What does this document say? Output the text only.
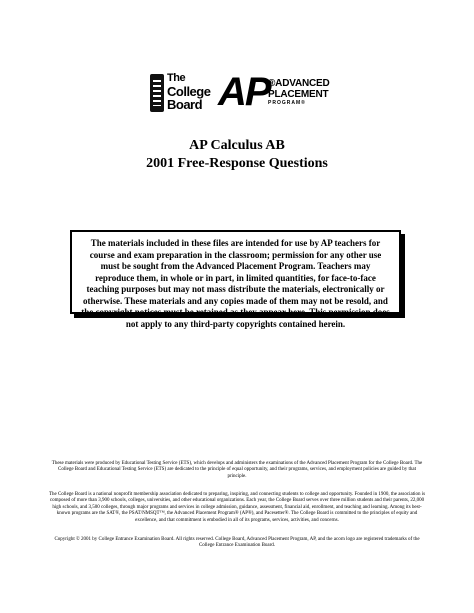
The
College
Board AP
®ADVANCED
PLACEMENT
PROGRAM®
AP Calculus AB
2001 Free-Response Questions
The materials included in these files are intended for use by AP teachers for course and exam preparation in the classroom; permission for any other use must be sought from the Advanced Placement Program. Teachers may reproduce them, in whole or in part, in limited quantities, for face-to-face teaching purposes but may not mass distribute the materials, electronically or otherwise. These materials and any copies made of them may not be resold, and the copyright notices must be retained as they appear here. This permission does not apply to any third-party copyrights contained herein.
These materials were produced by Educational Testing Service (ETS), which develops and administers the examinations of the Advanced Placement Program for the College Board. The College Board and Educational Testing Service (ETS) are dedicated to the principle of equal opportunity, and their programs, services, and employment policies are guided by that principle.
The College Board is a national nonprofit membership association dedicated to preparing, inspiring, and connecting students to college and opportunity. Founded in 1900, the association is composed of more than 3,900 schools, colleges, universities, and other educational organizations. Each year, the College Board serves over three million students and their parents, 22,000 high schools, and 3,500 colleges, through major programs and services in college admission, guidance, assessment, financial aid, enrollment, and teaching and learning. Among its best-known programs are the SAT®, the PSAT/NMSQT™, the Advanced Placement Program® (AP®), and Pacesetter®. The College Board is committed to the principles of equity and excellence, and that commitment is embodied in all of its programs, services, activities, and concerns.
Copyright © 2001 by College Entrance Examination Board. All rights reserved. College Board, Advanced Placement Program, AP, and the acorn logo are registered trademarks of the College Entrance Examination Board.
